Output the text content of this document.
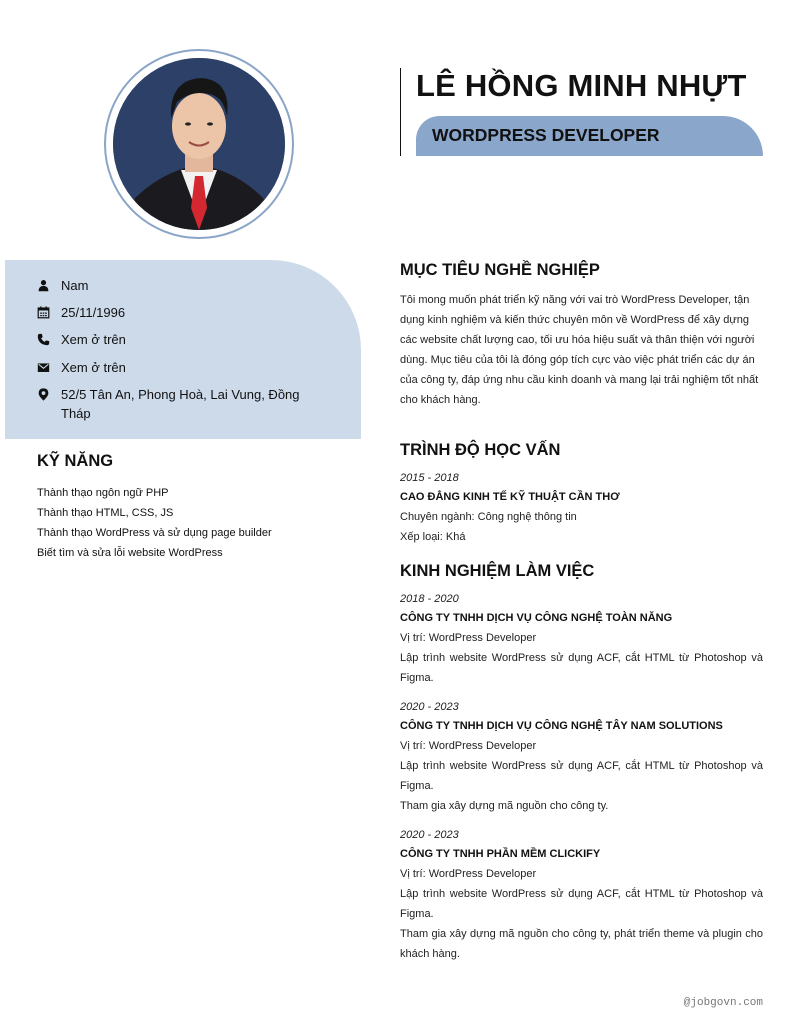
LÊ HỒNG MINH NHỰT
WORDPRESS DEVELOPER
Nam
25/11/1996
Xem ở trên
Xem ở trên
52/5 Tân An, Phong Hoà, Lai Vung, Đồng Tháp
KỸ NĂNG
Thành thạo ngôn ngữ PHP
Thành thạo HTML, CSS, JS
Thành thạo WordPress và sử dụng page builder
Biết tìm và sửa lỗi website WordPress
MỤC TIÊU NGHỀ NGHIỆP
Tôi mong muốn phát triển kỹ năng với vai trò WordPress Developer, tận dụng kinh nghiệm và kiến thức chuyên môn về WordPress để xây dựng các website chất lượng cao, tối ưu hóa hiệu suất và thân thiện với người dùng. Mục tiêu của tôi là đóng góp tích cực vào việc phát triển các dự án của công ty, đáp ứng nhu cầu kinh doanh và mang lại trải nghiệm tốt nhất cho khách hàng.
TRÌNH ĐỘ HỌC VẤN
2015 - 2018
CAO ĐẲNG KINH TẾ KỸ THUẬT CẦN THƠ
Chuyên ngành: Công nghệ thông tin
Xếp loại: Khá
KINH NGHIỆM LÀM VIỆC
2018 - 2020
CÔNG TY TNHH DỊCH VỤ CÔNG NGHỆ TOÀN NĂNG
Vị trí: WordPress Developer
Lập trình website WordPress sử dụng ACF, cắt HTML từ Photoshop và Figma.
2020 - 2023
CÔNG TY TNHH DỊCH VỤ CÔNG NGHỆ TÂY NAM SOLUTIONS
Vị trí: WordPress Developer
Lập trình website WordPress sử dụng ACF, cắt HTML từ Photoshop và Figma.
Tham gia xây dựng mã nguồn cho công ty.
2020 - 2023
CÔNG TY TNHH PHẦN MỀM CLICKIFY
Vị trí: WordPress Developer
Lập trình website WordPress sử dụng ACF, cắt HTML từ Photoshop và Figma.
Tham gia xây dựng mã nguồn cho công ty, phát triển theme và plugin cho khách hàng.
@jobgovn.com
